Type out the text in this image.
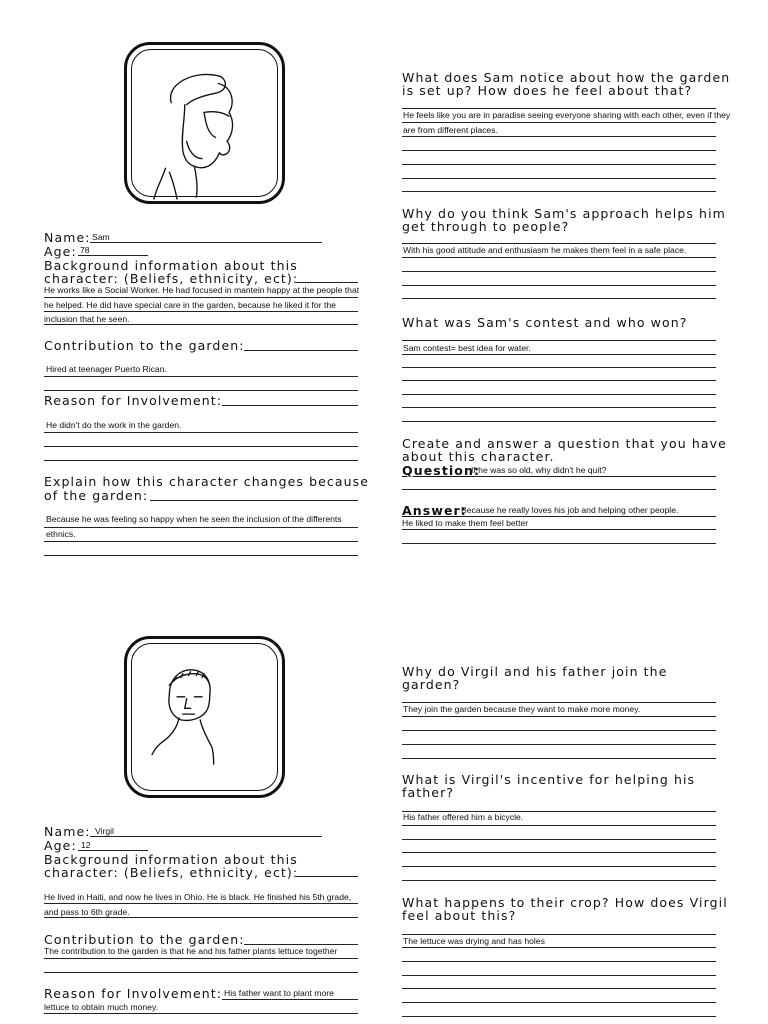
Name: Sam
Age: 78
Background information about this
character: (Beliefs, ethnicity, ect):
He works like a Social Worker. He had focused in mantein happy at the people that he helped. He did have special care in the garden, because he liked it for the inclusion that he seen.
Contribution to the garden:
Hired at teenager Puerto Rican.
Reason for Involvement:
He didn't do the work in the garden.
Explain how this character changes because
of the garden:
Because he was feeling so happy when he seen the inclusion of the differents ethnics.
What does Sam notice about how the garden is set up? How does he feel about that?
He feels like you are in paradise seeing everyone sharing with each other, even if they are from different places.
Why do you think Sam's approach helps him get through to people?
With his good attitude and enthusiasm he makes them feel in a safe place.
What was Sam's contest and who won?
Sam contest= best idea for water.
Create and answer a question that you have about this character.
Question:
If he was so old, why didn't he quit?
Answer:
Because he really loves his job and helping other people.
He liked to make them feel better
Name: Virgil
Age: 12
Background information about this
character: (Beliefs, ethnicity, ect):
He lived in Haiti, and now he lives in Ohio. He is black. He finished his 5th grade, and pass to 6th grade.
Contribution to the garden:
The contribution to the garden is that he and his father plants lettuce together
Reason for Involvement: His father want to plant more
lettuce to obtain much money.
Why do Virgil and his father join the garden?
They join the garden because they want to make more money.
What is Virgil's incentive for helping his father?
His father offered him a bicycle.
What happens to their crop? How does Virgil feel about this?
The lettuce was drying and has holes
